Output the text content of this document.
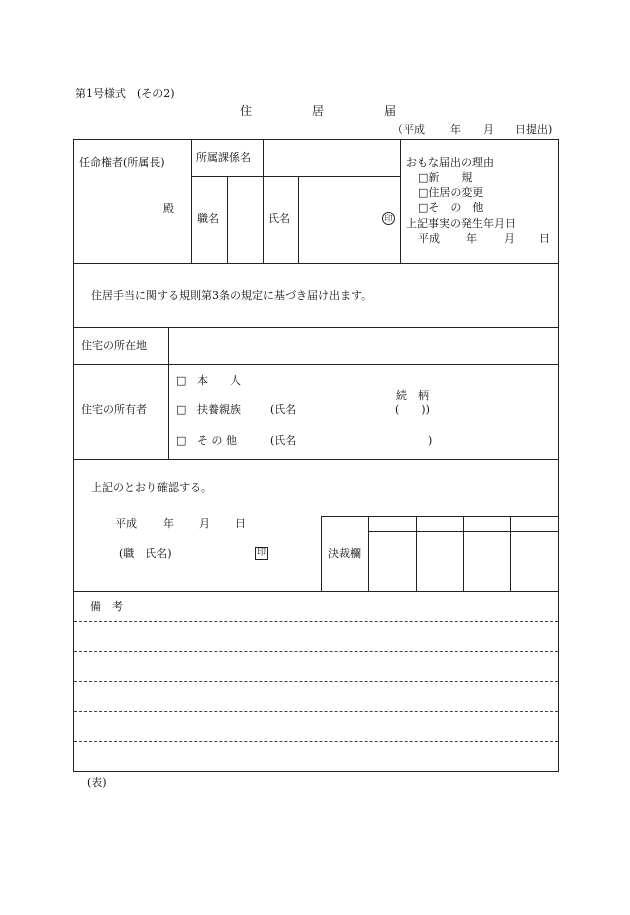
第1号様式　(その2)
住	居	届
（平成 年 月 日提出)
任命権者(所属長)
殿
所属課係名
職名	氏名	印
おもな届出の理由
□新　　規
□住居の変更
□そ　の　他
上記事実の発生年月日
平成 年 月 日
住居手当に関する規則第3条の規定に基づき届け出ます。
住宅の所在地
住宅の所有者
□ 本　　人
□ 扶養親族	(氏名
続　柄
(　　))
□ そ の 他	(氏名	)
上記のとおり確認する。
平成 年 月 日
(職　氏名)	印	決裁欄
備　考
(表)
